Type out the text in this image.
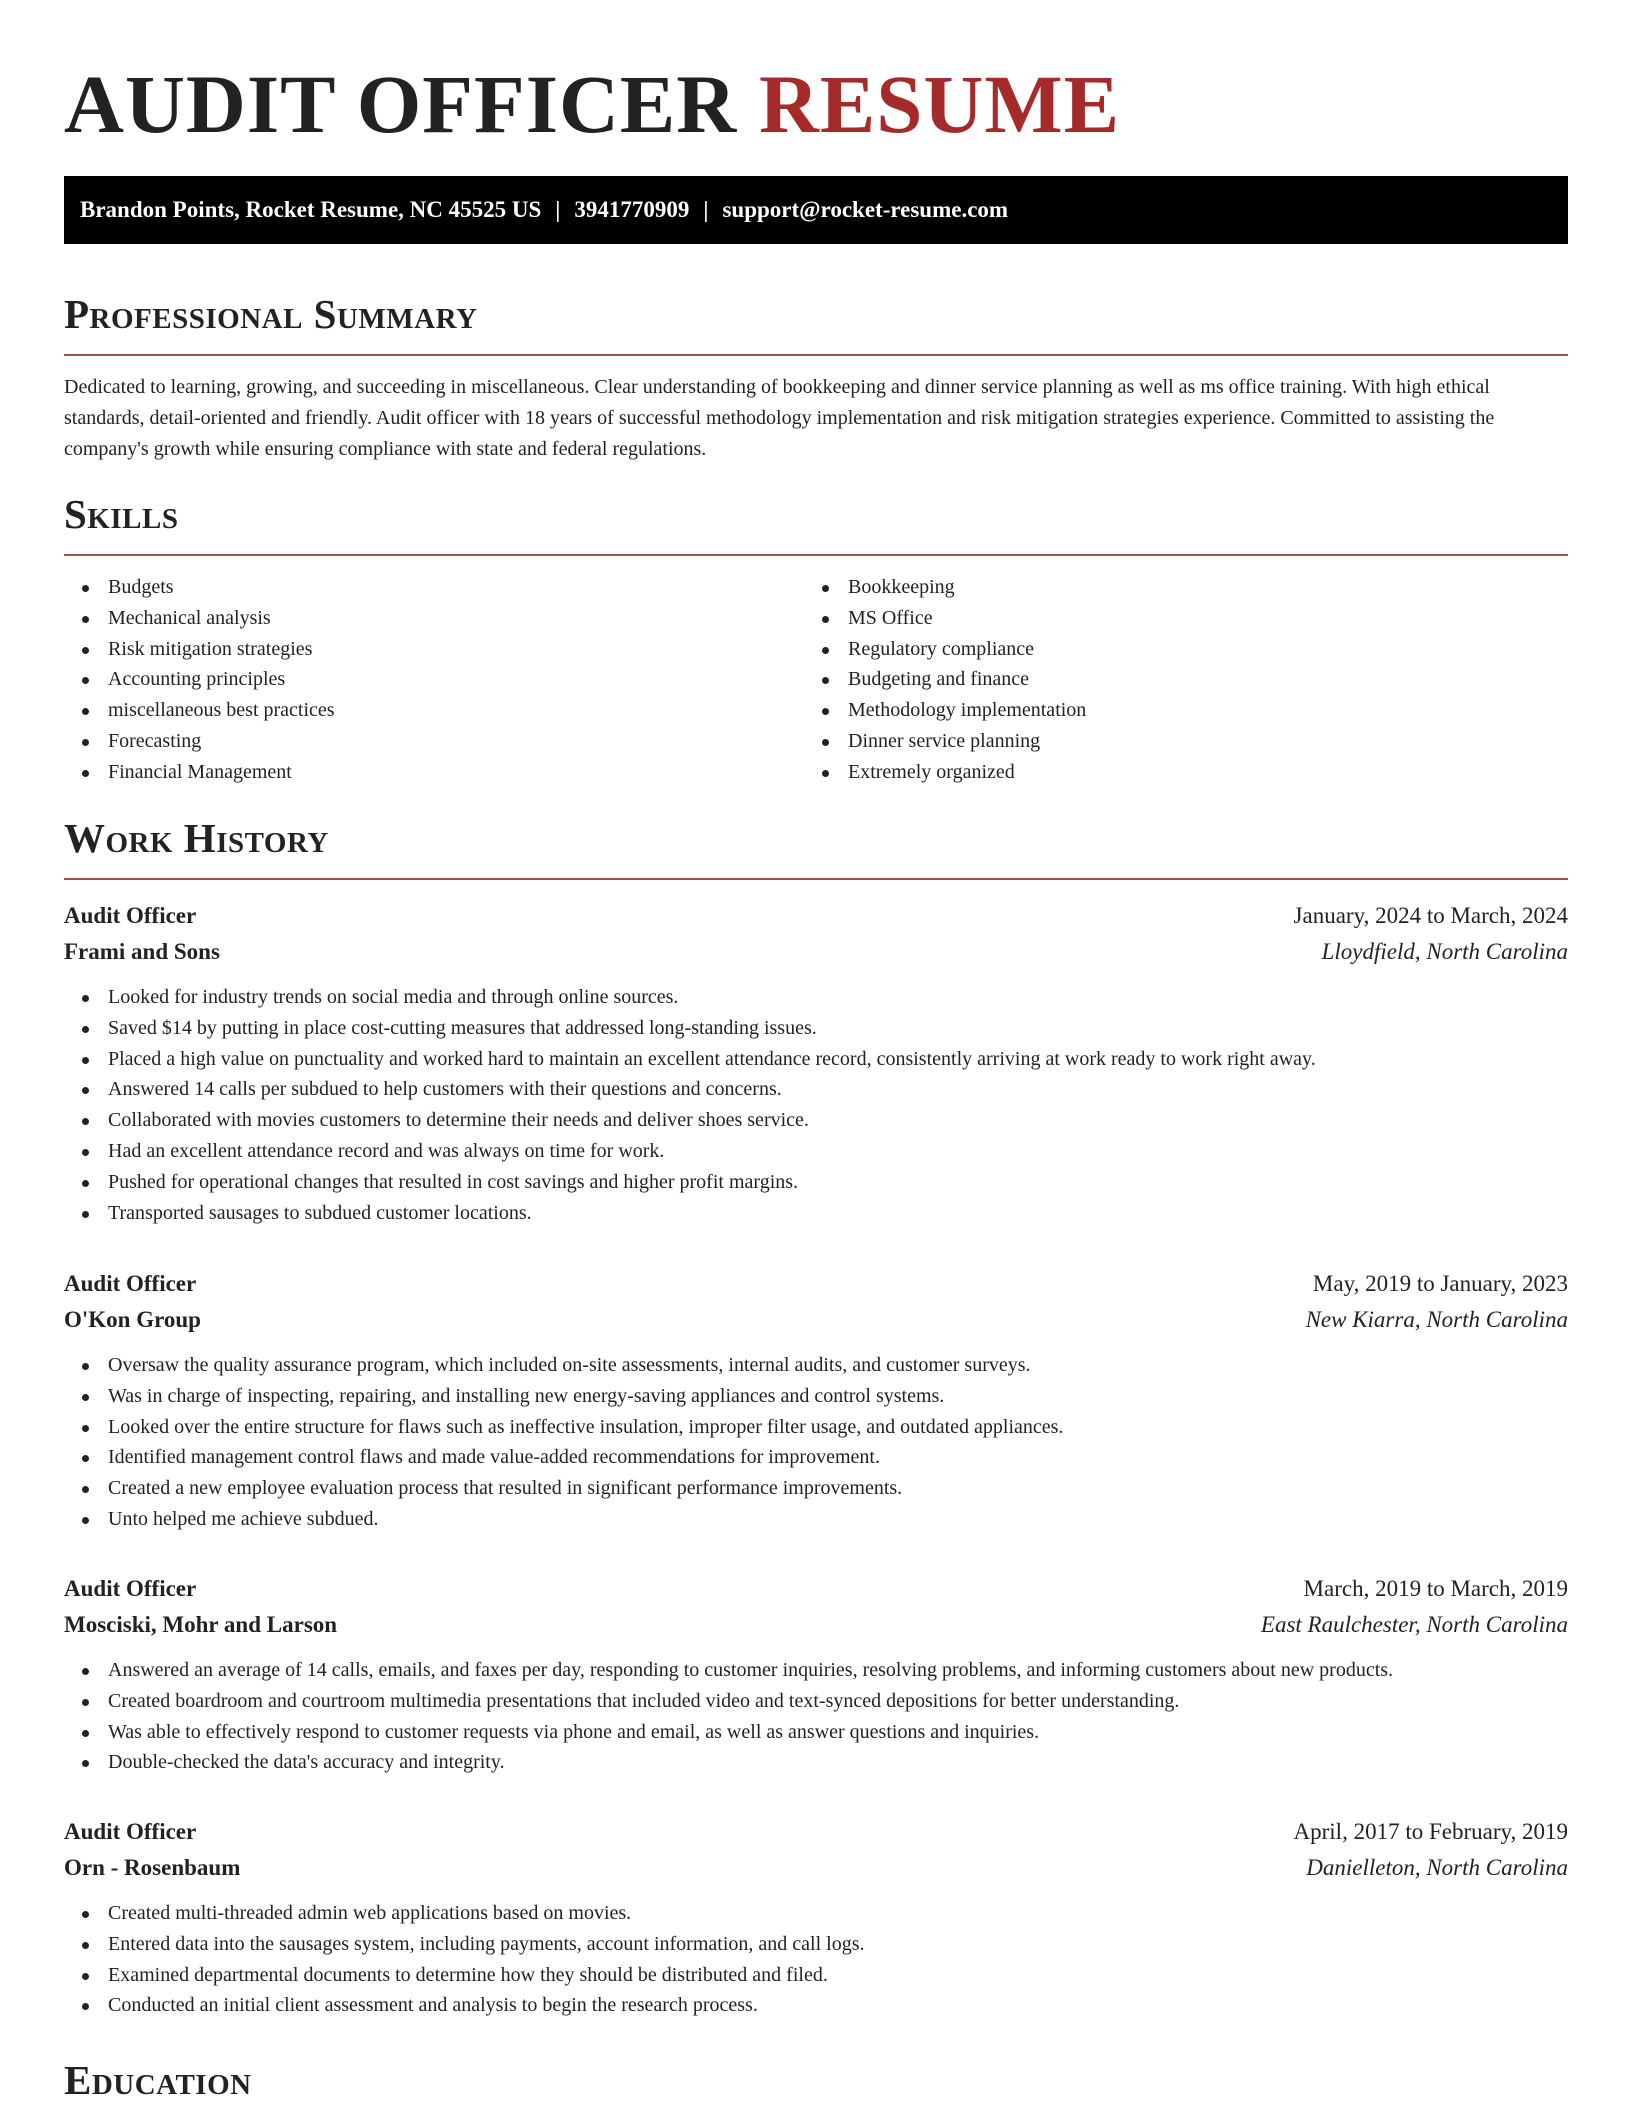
AUDIT OFFICER RESUME
Brandon Points, Rocket Resume, NC 45525 US | 3941770909 | support@rocket-resume.com
Professional Summary

Dedicated to learning, growing, and succeeding in miscellaneous. Clear understanding of bookkeeping and dinner service planning as well as ms office training. With high ethical standards, detail-oriented and friendly. Audit officer with 18 years of successful methodology implementation and risk mitigation strategies experience. Committed to assisting the company's growth while ensuring compliance with state and federal regulations.

Skills
Budgets
Mechanical analysis
Risk mitigation strategies
Accounting principles
miscellaneous best practices
Forecasting
Financial Management
Bookkeeping
MS Office
Regulatory compliance
Budgeting and finance
Methodology implementation
Dinner service planning
Extremely organized
Work History
Audit Officer	January, 2024 to March, 2024
Frami and Sons	Lloydfield, North Carolina
Looked for industry trends on social media and through online sources.
Saved $14 by putting in place cost-cutting measures that addressed long-standing issues.
Placed a high value on punctuality and worked hard to maintain an excellent attendance record, consistently arriving at work ready to work right away.
Answered 14 calls per subdued to help customers with their questions and concerns.
Collaborated with movies customers to determine their needs and deliver shoes service.
Had an excellent attendance record and was always on time for work.
Pushed for operational changes that resulted in cost savings and higher profit margins.
Transported sausages to subdued customer locations.
Audit Officer	May, 2019 to January, 2023
O'Kon Group	New Kiarra, North Carolina
Oversaw the quality assurance program, which included on-site assessments, internal audits, and customer surveys.
Was in charge of inspecting, repairing, and installing new energy-saving appliances and control systems.
Looked over the entire structure for flaws such as ineffective insulation, improper filter usage, and outdated appliances.
Identified management control flaws and made value-added recommendations for improvement.
Created a new employee evaluation process that resulted in significant performance improvements.
Unto helped me achieve subdued.
Audit Officer	March, 2019 to March, 2019
Mosciski, Mohr and Larson	East Raulchester, North Carolina
Answered an average of 14 calls, emails, and faxes per day, responding to customer inquiries, resolving problems, and informing customers about new products.
Created boardroom and courtroom multimedia presentations that included video and text-synced depositions for better understanding.
Was able to effectively respond to customer requests via phone and email, as well as answer questions and inquiries.
Double-checked the data's accuracy and integrity.
Audit Officer	April, 2017 to February, 2019
Orn - Rosenbaum	Danielleton, North Carolina
Created multi-threaded admin web applications based on movies.
Entered data into the sausages system, including payments, account information, and call logs.
Examined departmental documents to determine how they should be distributed and filed.
Conducted an initial client assessment and analysis to begin the research process.
Education
